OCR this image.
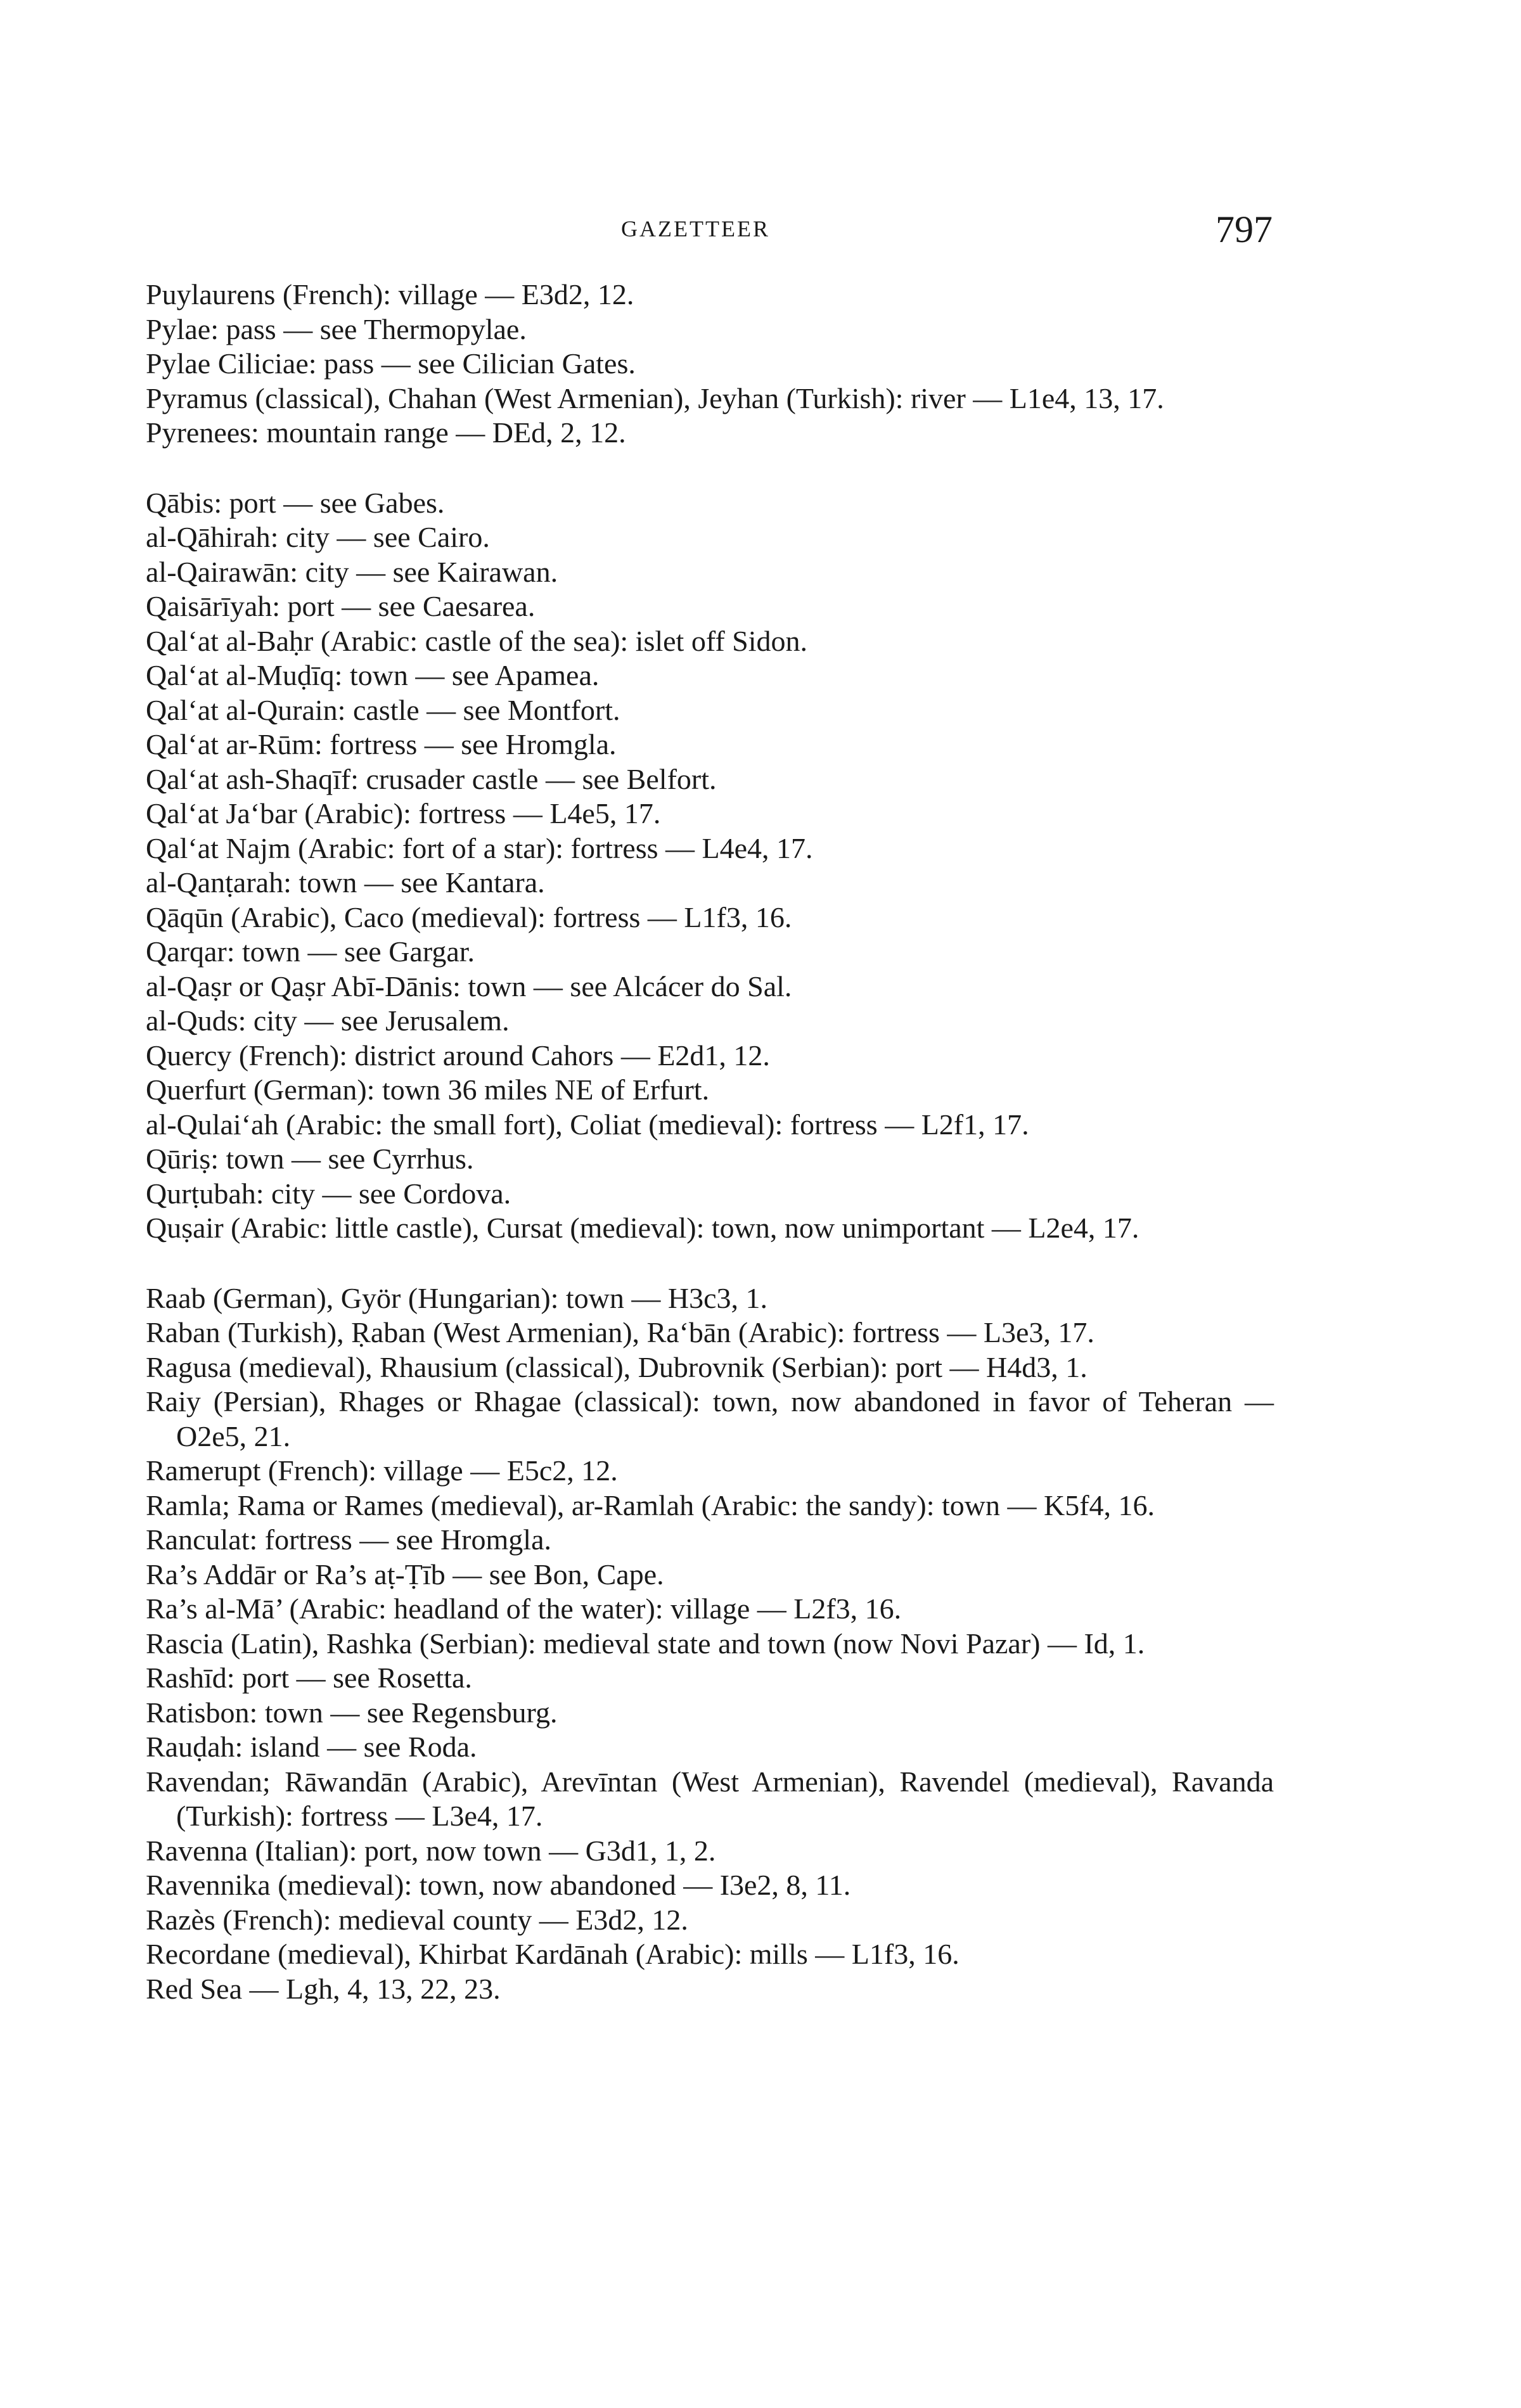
GAZETTEER	797
Puylaurens (French): village — E3d2, 12.
Pylae: pass — see Thermopylae.
Pylae Ciliciae: pass — see Cilician Gates.
Pyramus (classical), Chahan (West Armenian), Jeyhan (Turkish): river — L1e4, 13, 17.
Pyrenees: mountain range — DEd, 2, 12.
Qābis: port — see Gabes.
al-Qāhirah: city — see Cairo.
al-Qairawān: city — see Kairawan.
Qaisārīyah: port — see Caesarea.
Qal‘at al-Baḥr (Arabic: castle of the sea): islet off Sidon.
Qal‘at al-Muḍīq: town — see Apamea.
Qal‘at al-Qurain: castle — see Montfort.
Qal‘at ar-Rūm: fortress — see Hromgla.
Qal‘at ash-Shaqīf: crusader castle — see Belfort.
Qal‘at Ja‘bar (Arabic): fortress — L4e5, 17.
Qal‘at Najm (Arabic: fort of a star): fortress — L4e4, 17.
al-Qanṭarah: town — see Kantara.
Qāqūn (Arabic), Caco (medieval): fortress — L1f3, 16.
Qarqar: town — see Gargar.
al-Qaṣr or Qaṣr Abī-Dānis: town — see Alcácer do Sal.
al-Quds: city — see Jerusalem.
Quercy (French): district around Cahors — E2d1, 12.
Querfurt (German): town 36 miles NE of Erfurt.
al-Qulai‘ah (Arabic: the small fort), Coliat (medieval): fortress — L2f1, 17.
Qūriṣ: town — see Cyrrhus.
Qurṭubah: city — see Cordova.
Quṣair (Arabic: little castle), Cursat (medieval): town, now unimportant — L2e4, 17.
Raab (German), Györ (Hungarian): town — H3c3, 1.
Raban (Turkish), Ṛaban (West Armenian), Ra‘bān (Arabic): fortress — L3e3, 17.
Ragusa (medieval), Rhausium (classical), Dubrovnik (Serbian): port — H4d3, 1.
Raiy (Persian), Rhages or Rhagae (classical): town, now abandoned in favor of Teheran — O2e5, 21.
Ramerupt (French): village — E5c2, 12.
Ramla; Rama or Rames (medieval), ar-Ramlah (Arabic: the sandy): town — K5f4, 16.
Ranculat: fortress — see Hromgla.
Ra’s Addār or Ra’s aṭ-Ṭīb — see Bon, Cape.
Ra’s al-Mā’ (Arabic: headland of the water): village — L2f3, 16.
Rascia (Latin), Rashka (Serbian): medieval state and town (now Novi Pazar) — Id, 1.
Rashīd: port — see Rosetta.
Ratisbon: town — see Regensburg.
Rauḍah: island — see Roda.
Ravendan; Rāwandān (Arabic), Arevīntan (West Armenian), Ravendel (medieval), Ravanda (Turkish): fortress — L3e4, 17.
Ravenna (Italian): port, now town — G3d1, 1, 2.
Ravennika (medieval): town, now abandoned — I3e2, 8, 11.
Razès (French): medieval county — E3d2, 12.
Recordane (medieval), Khirbat Kardānah (Arabic): mills — L1f3, 16.
Red Sea — Lgh, 4, 13, 22, 23.
